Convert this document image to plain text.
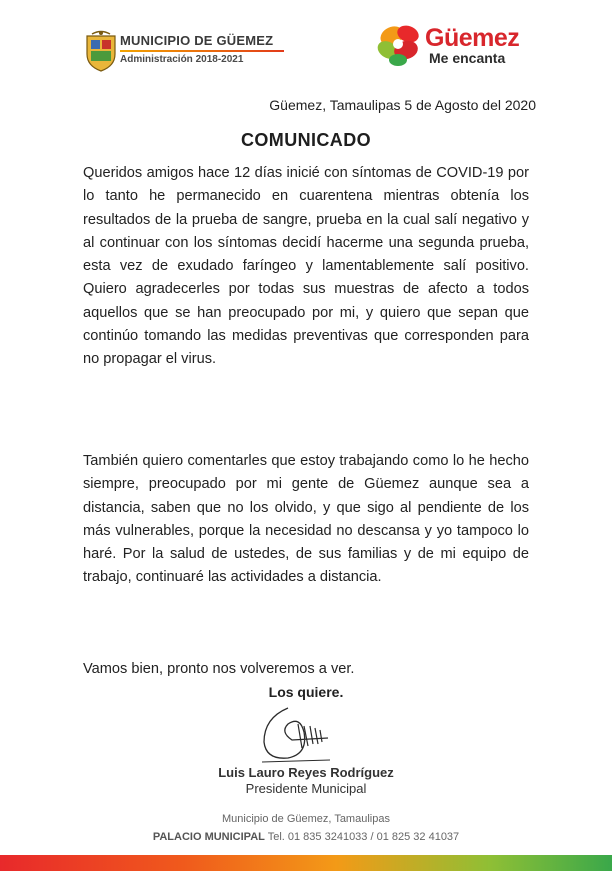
MUNICIPIO DE GÜEMEZ
Administración 2018-2021
Güemez
Me encanta
Güemez, Tamaulipas 5 de Agosto del 2020
COMUNICADO

Queridos amigos hace 12 días inicié con síntomas de COVID-19 por lo tanto he permanecido en cuarentena mientras obtenía los resultados de la prueba de sangre, prueba en la cual salí negativo y al continuar con los síntomas decidí hacerme una segunda prueba, esta vez de exudado faríngeo y lamentablemente salí positivo. Quiero agradecerles por todas sus muestras de afecto a todos aquellos que se han preocupado por mi, y quiero que sepan que continúo tomando las medidas preventivas que corresponden para no propagar el virus.

También quiero comentarles que estoy trabajando como lo he hecho siempre, preocupado por mi gente de Güemez aunque sea a distancia, saben que no los olvido, y que sigo al pendiente de los más vulnerables, porque la necesidad no descansa y yo tampoco lo haré. Por la salud de ustedes, de sus familias y de mi equipo de trabajo, continuaré las actividades a distancia.

Vamos bien, pronto nos volveremos a ver.

Los quiere.
Luis Lauro Reyes Rodríguez
Presidente Municipal
Municipio de Güemez, Tamaulipas
PALACIO MUNICIPAL Tel. 01 835 3241033 / 01 825 32 41037
